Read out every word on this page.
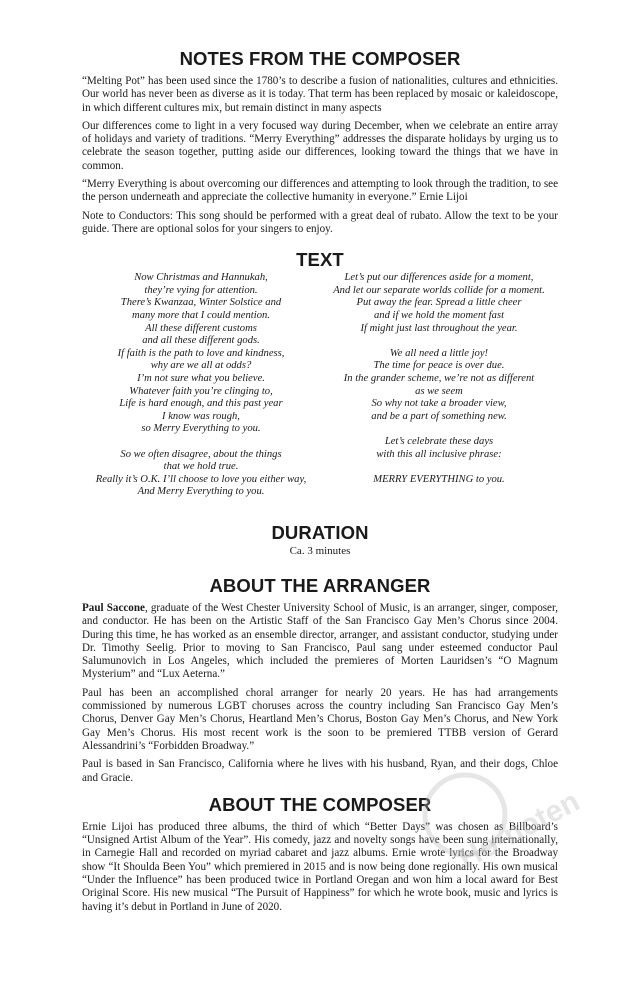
NOTES FROM THE COMPOSER

“Melting Pot” has been used since the 1780’s to describe a fusion of nationalities, cultures and ethnicities. Our world has never been as diverse as it is today. That term has been replaced by mosaic or kaleidoscope, in which different cultures mix, but remain distinct in many aspects

Our differences come to light in a very focused way during December, when we celebrate an entire array of holidays and variety of traditions. “Merry Everything” addresses the disparate holidays by urging us to celebrate the season together, putting aside our differences, looking toward the things that we have in common.

“Merry Everything is about overcoming our differences and attempting to look through the tradition, to see the person underneath and appreciate the collective humanity in everyone.” Ernie Lijoi

Note to Conductors: This song should be performed with a great deal of rubato. Allow the text to be your guide. There are optional solos for your singers to enjoy.

TEXT
Now Christmas and Hannukah,
they’re vying for attention.
There’s Kwanzaa, Winter Solstice and
many more that I could mention.
All these different customs
and all these different gods.
If faith is the path to love and kindness,
why are we all at odds?
I’m not sure what you believe.
Whatever faith you’re clinging to,
Life is hard enough, and this past year
I know was rough,
so Merry Everything to you.
So we often disagree, about the things
that we hold true.
Really it’s O.K. I’ll choose to love you either way,
And Merry Everything to you.
Let’s put our differences aside for a moment,
And let our separate worlds collide for a moment.
Put away the fear. Spread a little cheer
and if we hold the moment fast
If might just last throughout the year.
We all need a little joy!
The time for peace is over due.
In the grander scheme, we’re not as different
as we seem
So why not take a broader view,
and be a part of something new.
Let’s celebrate these days
with this all inclusive phrase:
MERRY EVERYTHING to you.
DURATION
Ca. 3 minutes
ABOUT THE ARRANGER

Paul Saccone, graduate of the West Chester University School of Music, is an arranger, singer, composer, and conductor. He has been on the Artistic Staff of the San Francisco Gay Men’s Chorus since 2004. During this time, he has worked as an ensemble director, arranger, and assistant conductor, studying under Dr. Timothy Seelig. Prior to moving to San Francisco, Paul sang under esteemed conductor Paul Salumunovich in Los Angeles, which included the premieres of Morten Lauridsen’s “O Magnum Mysterium” and “Lux Aeterna.”

Paul has been an accomplished choral arranger for nearly 20 years. He has had arrangements commissioned by numerous LGBT choruses across the country including San Francisco Gay Men’s Chorus, Denver Gay Men’s Chorus, Heartland Men’s Chorus, Boston Gay Men’s Chorus, and New York Gay Men’s Chorus. His most recent work is the soon to be premiered TTBB version of Gerard Alessandrini’s “Forbidden Broadway.”

Paul is based in San Francisco, California where he lives with his husband, Ryan, and their dogs, Chloe and Gracie.

ABOUT THE COMPOSER

Ernie Lijoi has produced three albums, the third of which “Better Days” was chosen as Billboard’s “Unsigned Artist Album of the Year”. His comedy, jazz and novelty songs have been sung internationally, in Carnegie Hall and recorded on myriad cabaret and jazz albums. Ernie wrote lyrics for the Broadway show “It Shoulda Been You” which premiered in 2015 and is now being done regionally. His own musical “Under the Influence” has been produced twice in Portland Oregan and won him a local award for Best Original Score. His new musical “The Pursuit of Happiness” for which he wrote book, music and lyrics is having it’s debut in Portland in June of 2020.

Ho-noten
